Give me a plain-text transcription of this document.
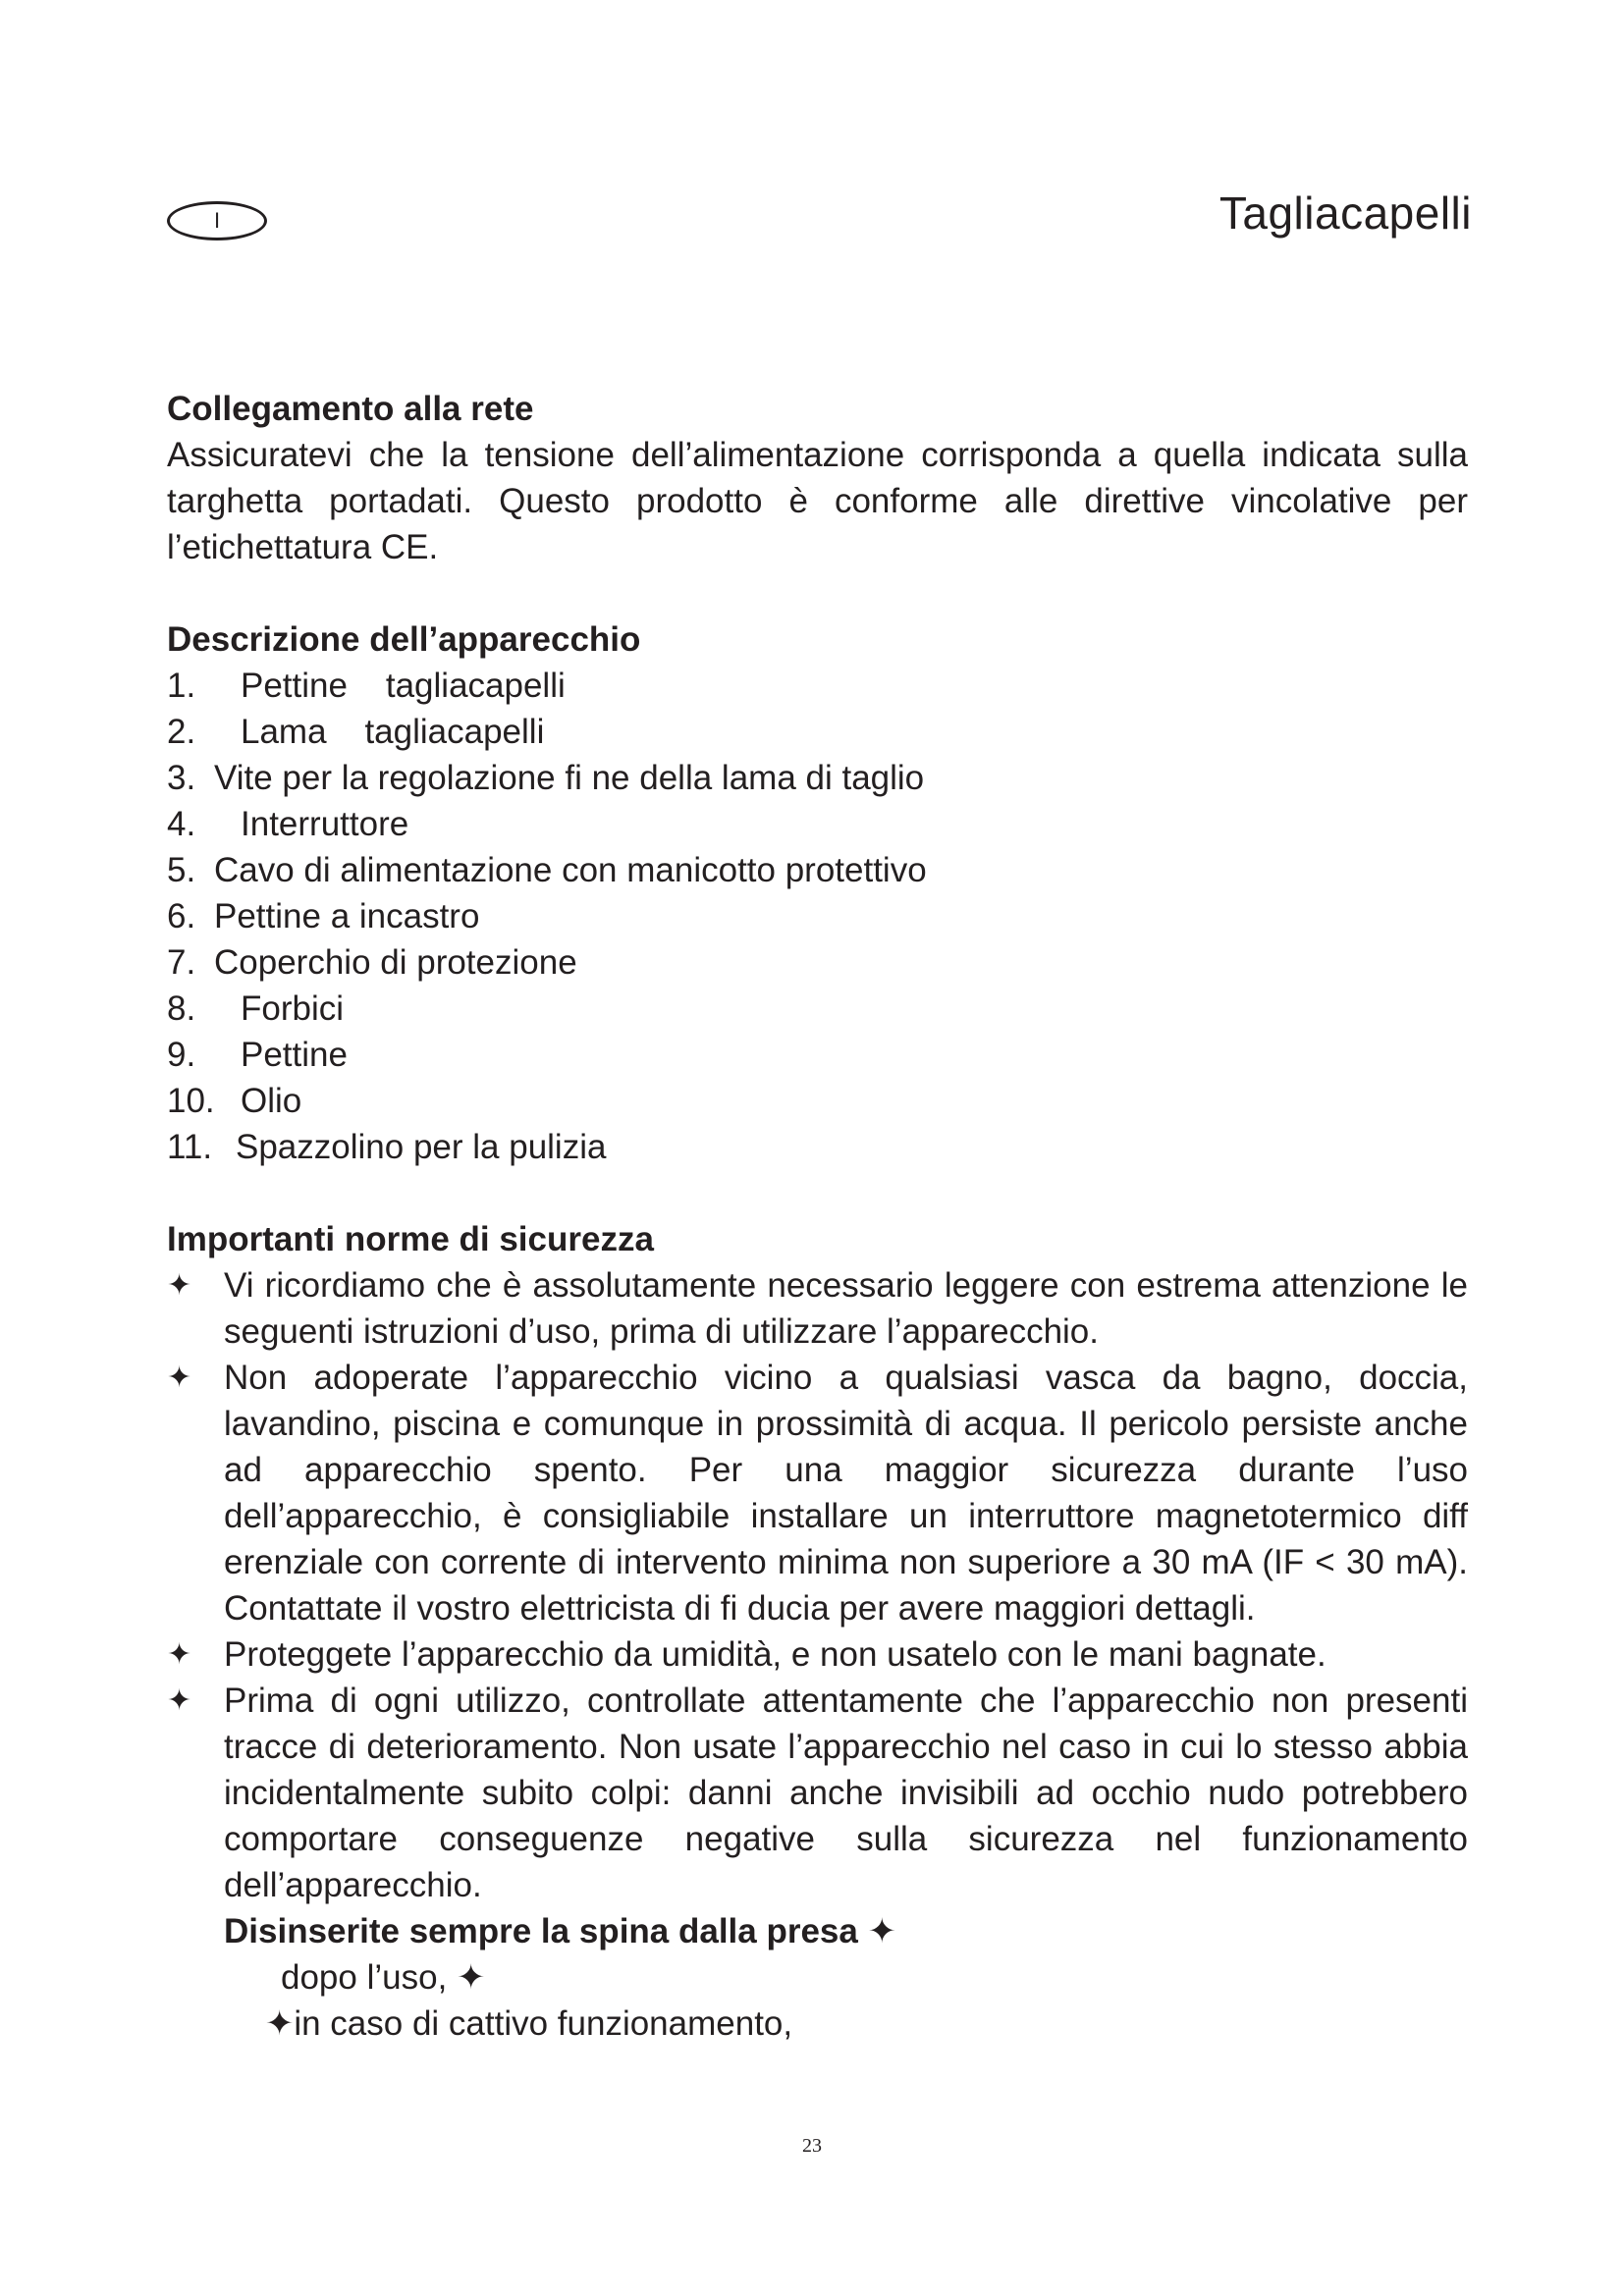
I	Tagliacapelli
Collegamento alla rete

Assicuratevi che la tensione dell’alimentazione corrisponda a quella indicata sulla targhetta portadati. Questo prodotto è conforme alle direttive vincolative per l’etichettatura CE.

Descrizione dell’apparecchio
1.	Pettine    tagliacapelli
2.	Lama    tagliacapelli
3. Vite per la regolazione fi ne della lama di taglio
4.	Interruttore
5. Cavo di alimentazione con manicotto protettivo
6. Pettine a incastro
7. Coperchio di protezione
8.	Forbici
9.	Pettine
10. Olio
11. Spazzolino per la pulizia
Importanti norme di sicurezza
✦ Vi ricordiamo che è assolutamente necessario leggere con estrema attenzione le seguenti istruzioni d’uso, prima di utilizzare l’apparecchio.
✦ Non adoperate l’apparecchio vicino a qualsiasi vasca da bagno, doccia, lavandino, piscina e comunque in prossimità di acqua. Il pericolo persiste anche ad apparecchio spento. Per una maggior sicurezza durante l’uso dell’apparecchio, è consigliabile installare un interruttore magnetotermico diff erenziale con corrente di intervento minima non superiore a 30 mA (IF < 30 mA). Contattate il vostro elettricista di fi ducia per avere maggiori dettagli.
✦ Proteggete l’apparecchio da umidità, e non usatelo con le mani bagnate.
✦ Prima di ogni utilizzo, controllate attentamente che l’apparecchio non presenti tracce di deterioramento. Non usate l’apparecchio nel caso in cui lo stesso abbia incidentalmente subito colpi: danni anche invisibili ad occhio nudo potrebbero comportare conseguenze negative sulla sicurezza nel funzionamento dell’apparecchio.
Disinserite sempre la spina dalla presa ✦
dopo l’uso, ✦
✦in caso di cattivo funzionamento,
23
